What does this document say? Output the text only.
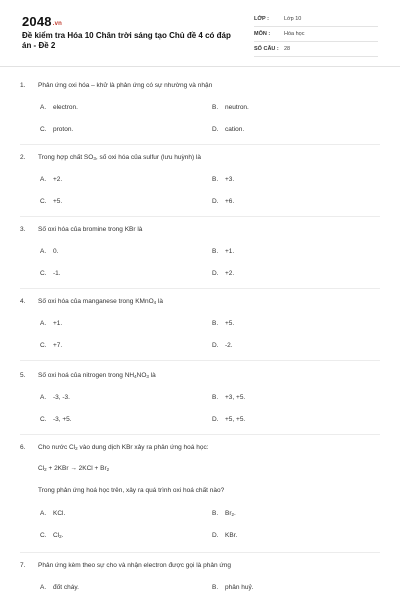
2048.vn
Đề kiểm tra Hóa 10 Chân trời sáng tạo Chủ đề 4 có đáp án - Đề 2
LỚP :	Lớp 10
MÔN :	Hóa học
SỐ CÂU : 28
1. Phản ứng oxi hóa – khử là phản ứng có sự nhường và nhận
A. electron.	B. neutron.
C. proton.	D. cation.
2. Trong hợp chất $SO_3$, số oxi hóa của sulfur (lưu huỳnh) là
A. +2.	B. +3.
C. +5.	D. +6.
3. Số oxi hóa của bromine trong KBr là
A. 0.	B. +1.
C. -1.	D. +2.
4. Số oxi hóa của manganese trong KMnO$_4$ là
A. +1.	B. +5.
C. +7.	D. -2.
5. Số oxi hoá của nitrogen trong $NH_4NO_3$ là
A. -3, -3.	B. +3, +5.
C. -3, +5.	D. +5, +5.
6. Cho nước $Cl_2$ vào dung dịch KBr xảy ra phản ứng hoá học:
$Cl_2 + 2KBr \to 2KCl + Br_2$
Trong phản ứng hoá học trên, xảy ra quá trình oxi hoá chất nào?
A. KCl.	B. $Br_2$.
C. $Cl_2$.	D. KBr.
7. Phản ứng kèm theo sự cho và nhận electron được gọi là phản ứng
A. đốt cháy.	B. phân huỷ.
